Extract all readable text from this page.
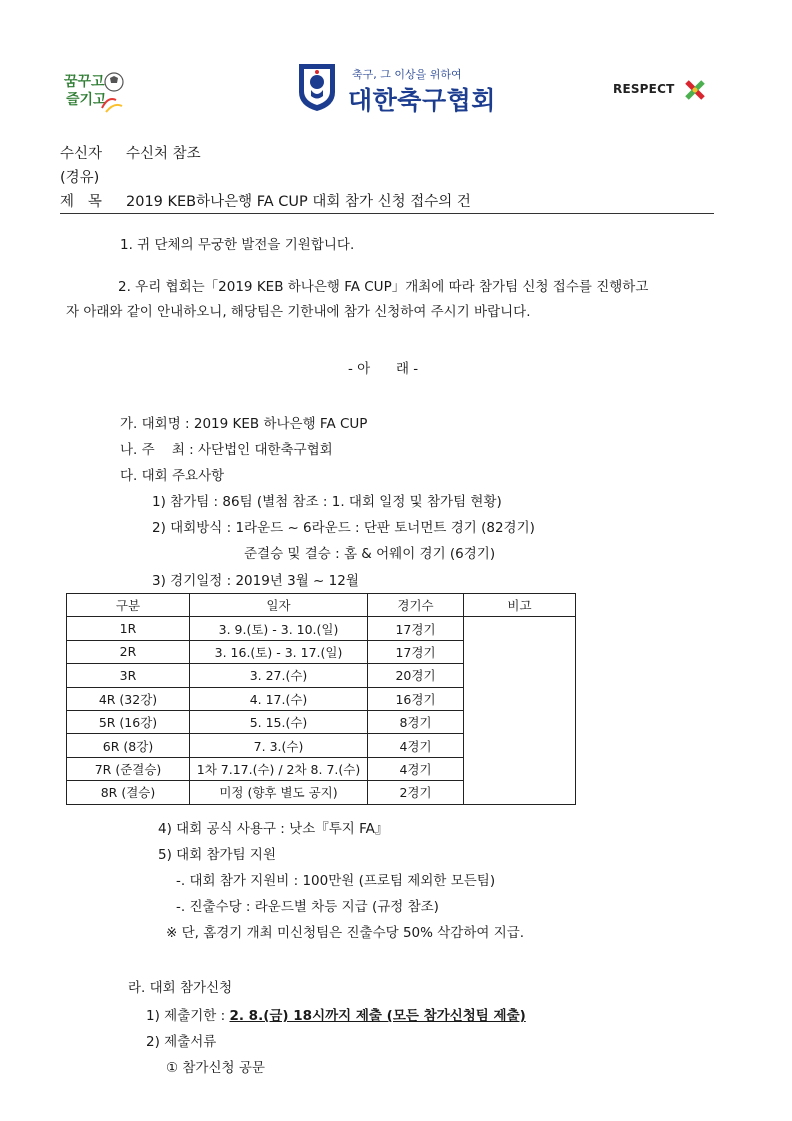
꿈꾸고
즐기고
축구, 그 이상을 위하여
대한축구협회	RESPECT
수신자 수신처 참조
(경유)
제   목 2019 KEB하나은행 FA CUP 대회 참가 신청 접수의 건
1. 귀 단체의 무궁한 발전을 기원합니다.
2. 우리 협회는「2019 KEB 하나은행 FA CUP」개최에 따라 참가팀 신청 접수를 진행하고
자 아래와 같이 안내하오니, 해당팀은 기한내에 참가 신청하여 주시기 바랍니다.
- 아      래 -
가. 대회명 : 2019 KEB 하나은행 FA CUP
나. 주    최 : 사단법인 대한축구협회
다. 대회 주요사항
1) 참가팀 : 86팀 (별첨 참조 : 1. 대회 일정 및 참가팀 현황)
2) 대회방식 : 1라운드 ~ 6라운드 : 단판 토너먼트 경기 (82경기)
준결승 및 결승 : 홈 & 어웨이 경기 (6경기)
3) 경기일정 : 2019년 3월 ~ 12월
구분	일자	경기수	비고
1R	3. 9.(토) - 3. 10.(일)	17경기	
2R	3. 16.(토) - 3. 17.(일)	17경기	
3R	3. 27.(수)	20경기	
4R (32강)	4. 17.(수)	16경기	
5R (16강)	5. 15.(수)	8경기	
6R (8강)	7. 3.(수)	4경기	
7R (준결승)	1차 7.17.(수) / 2차 8. 7.(수)	4경기	
8R (결승)	미정 (향후 별도 공지)	2경기	
4) 대회 공식 사용구 : 낫소『투지 FA』
5) 대회 참가팀 지원
-. 대회 참가 지원비 : 100만원 (프로팀 제외한 모든팀)
-. 진출수당 : 라운드별 차등 지급 (규정 참조)
※ 단, 홈경기 개최 미신청팀은 진출수당 50% 삭감하여 지급.
라. 대회 참가신청
1) 제출기한 : 2. 8.(금) 18시까지 제출 (모든 참가신청팀 제출)
2) 제출서류
① 참가신청 공문
